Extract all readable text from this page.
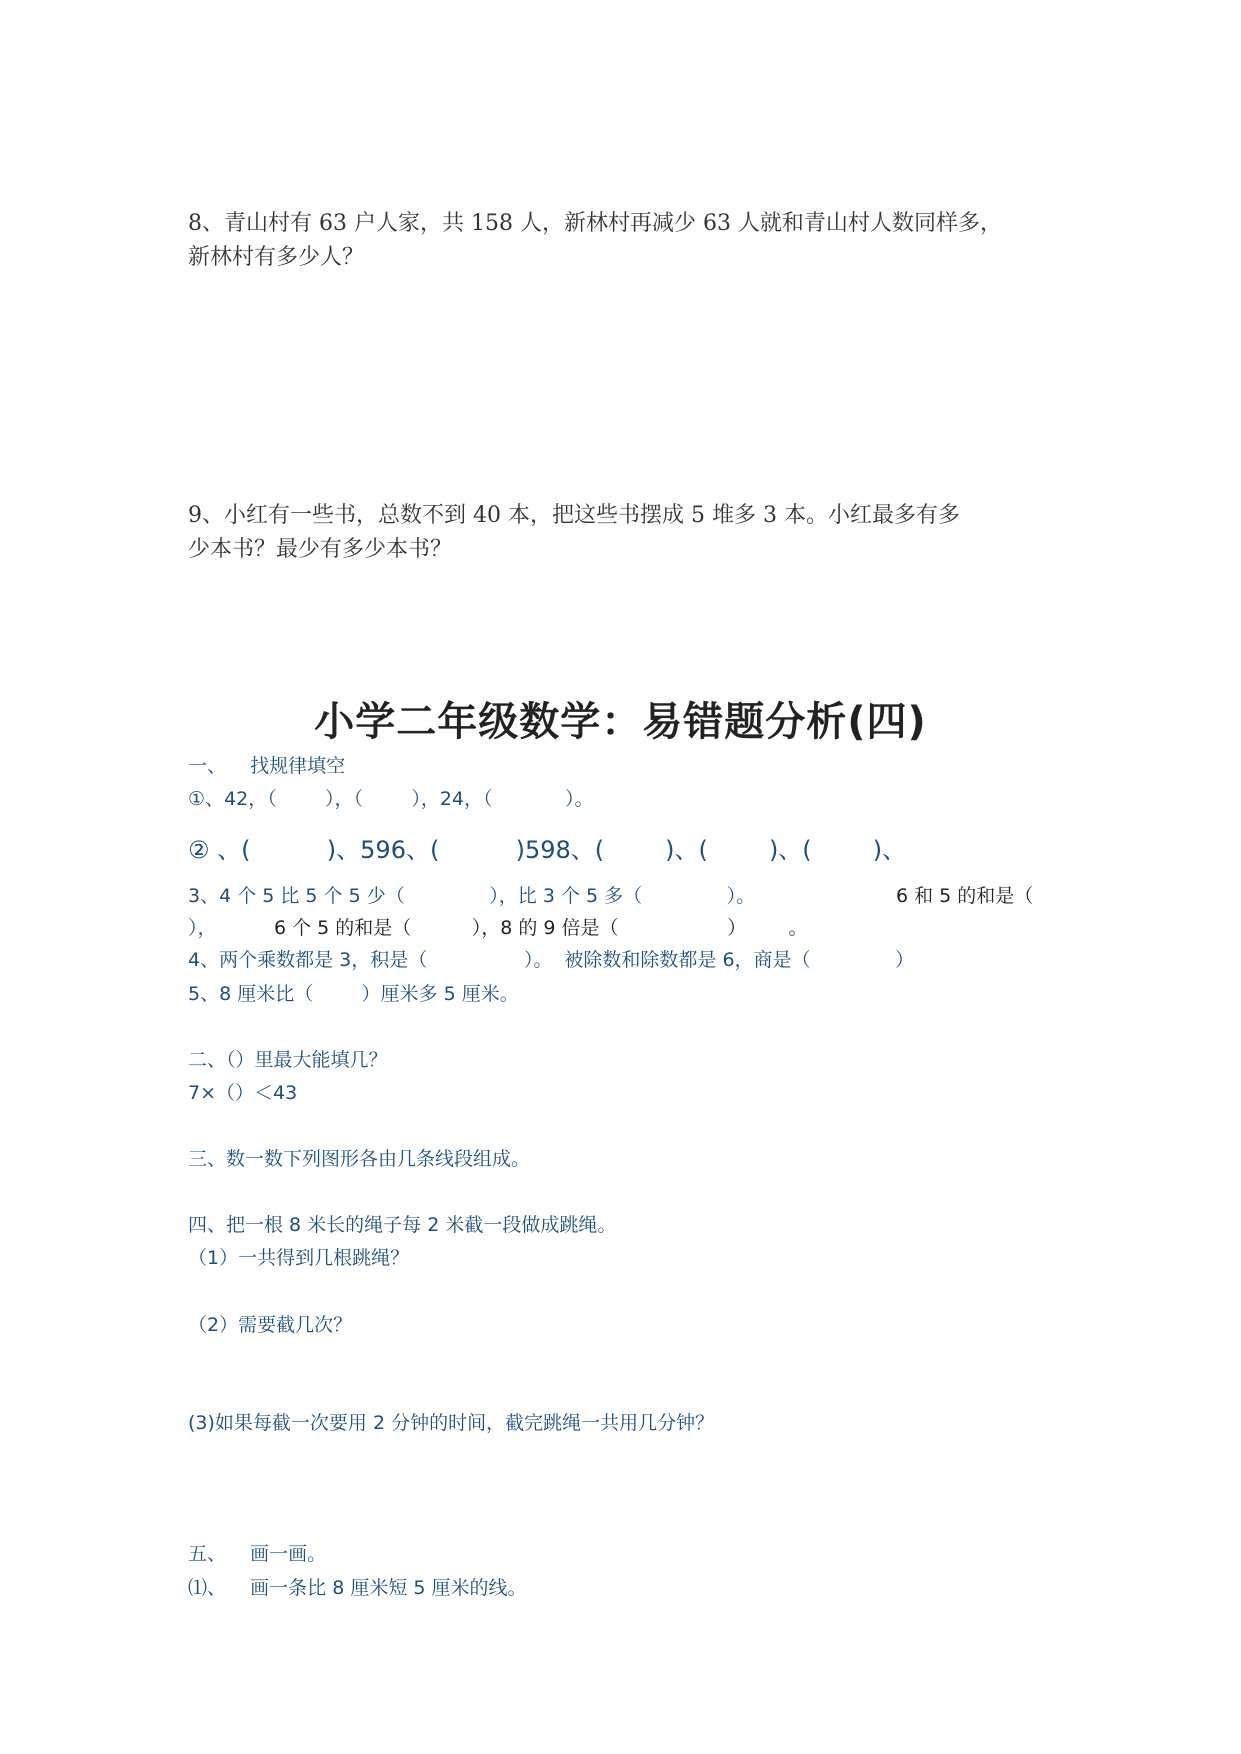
8、青山村有 63 户人家，共 158 人，新林村再减少 63 人就和青山村人数同样多，
新林村有多少人？
9、小红有一些书，总数不到 40 本，把这些书摆成 5 堆多 3 本。小红最多有多
少本书？最少有多少本书？
小学二年级数学：易错题分析(四)
一、    找规律填空
①、42，（        ），（        ），24，（            ）。
② 、(          )、596、(          )598、(        )、(        )、(        )、
3、4 个 5 比 5 个 5 少（              ），比 3 个 5 多（              ）。	6 和 5 的和是（
），	6 个 5 的和是（          ），8 的 9 倍是（                  ）       。
4、两个乘数都是 3，积是（                ）。  被除数和除数都是 6，商是（              ）
5、8 厘米比（        ）厘米多 5 厘米。
二、（）里最大能填几？
7×（）＜43
三、数一数下列图形各由几条线段组成。
四、把一根 8 米长的绳子每 2 米截一段做成跳绳。
（1）一共得到几根跳绳？
（2）需要截几次？
(3)如果每截一次要用 2 分钟的时间，截完跳绳一共用几分钟？
五、    画一画。
⑴、    画一条比 8 厘米短 5 厘米的线。
